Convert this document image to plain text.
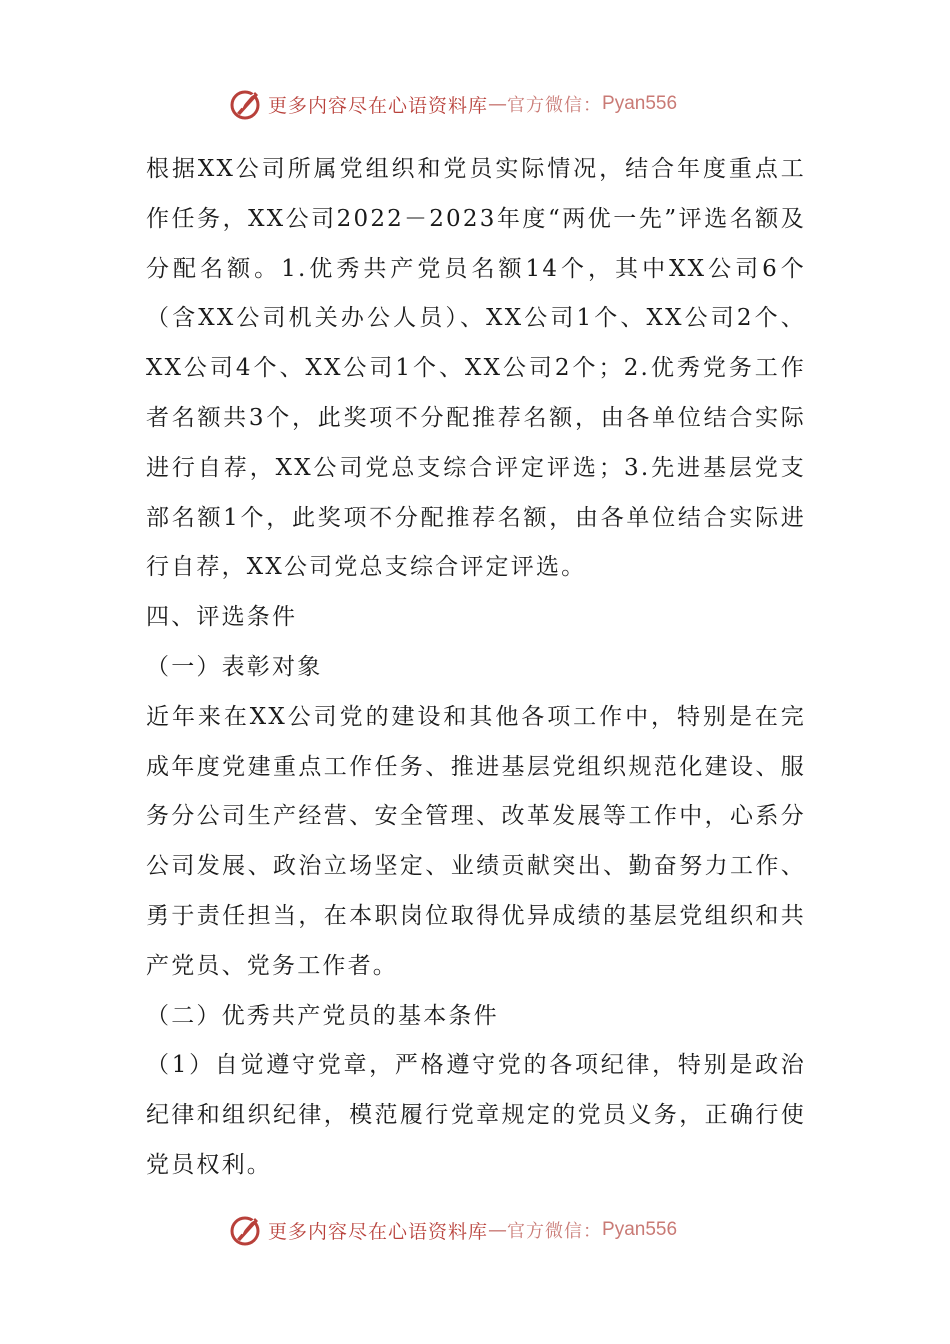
更多内容尽在心语资料库 — 官方微信： Pyan556

根据XX公司所属党组织和党员实际情况，结合年度重点工作任务，XX公司2022－2023年度“两优一先”评选名额及分配名额。1.优秀共产党员名额14个，其中XX公司6个（含XX公司机关办公人员）、XX公司1个、XX公司2个、XX公司4个、XX公司1个、XX公司2个；2.优秀党务工作者名额共3个，此奖项不分配推荐名额，由各单位结合实际进行自荐，XX公司党总支综合评定评选；3.先进基层党支部名额1个，此奖项不分配推荐名额，由各单位结合实际进行自荐，XX公司党总支综合评定评选。

四、评选条件

（一）表彰对象

近年来在XX公司党的建设和其他各项工作中，特别是在完成年度党建重点工作任务、推进基层党组织规范化建设、服务分公司生产经营、安全管理、改革发展等工作中，心系分公司发展、政治立场坚定、业绩贡献突出、勤奋努力工作、勇于责任担当，在本职岗位取得优异成绩的基层党组织和共产党员、党务工作者。

（二）优秀共产党员的基本条件

（1）自觉遵守党章，严格遵守党的各项纪律，特别是政治纪律和组织纪律，模范履行党章规定的党员义务，正确行使党员权利。

更多内容尽在心语资料库 — 官方微信： Pyan556
